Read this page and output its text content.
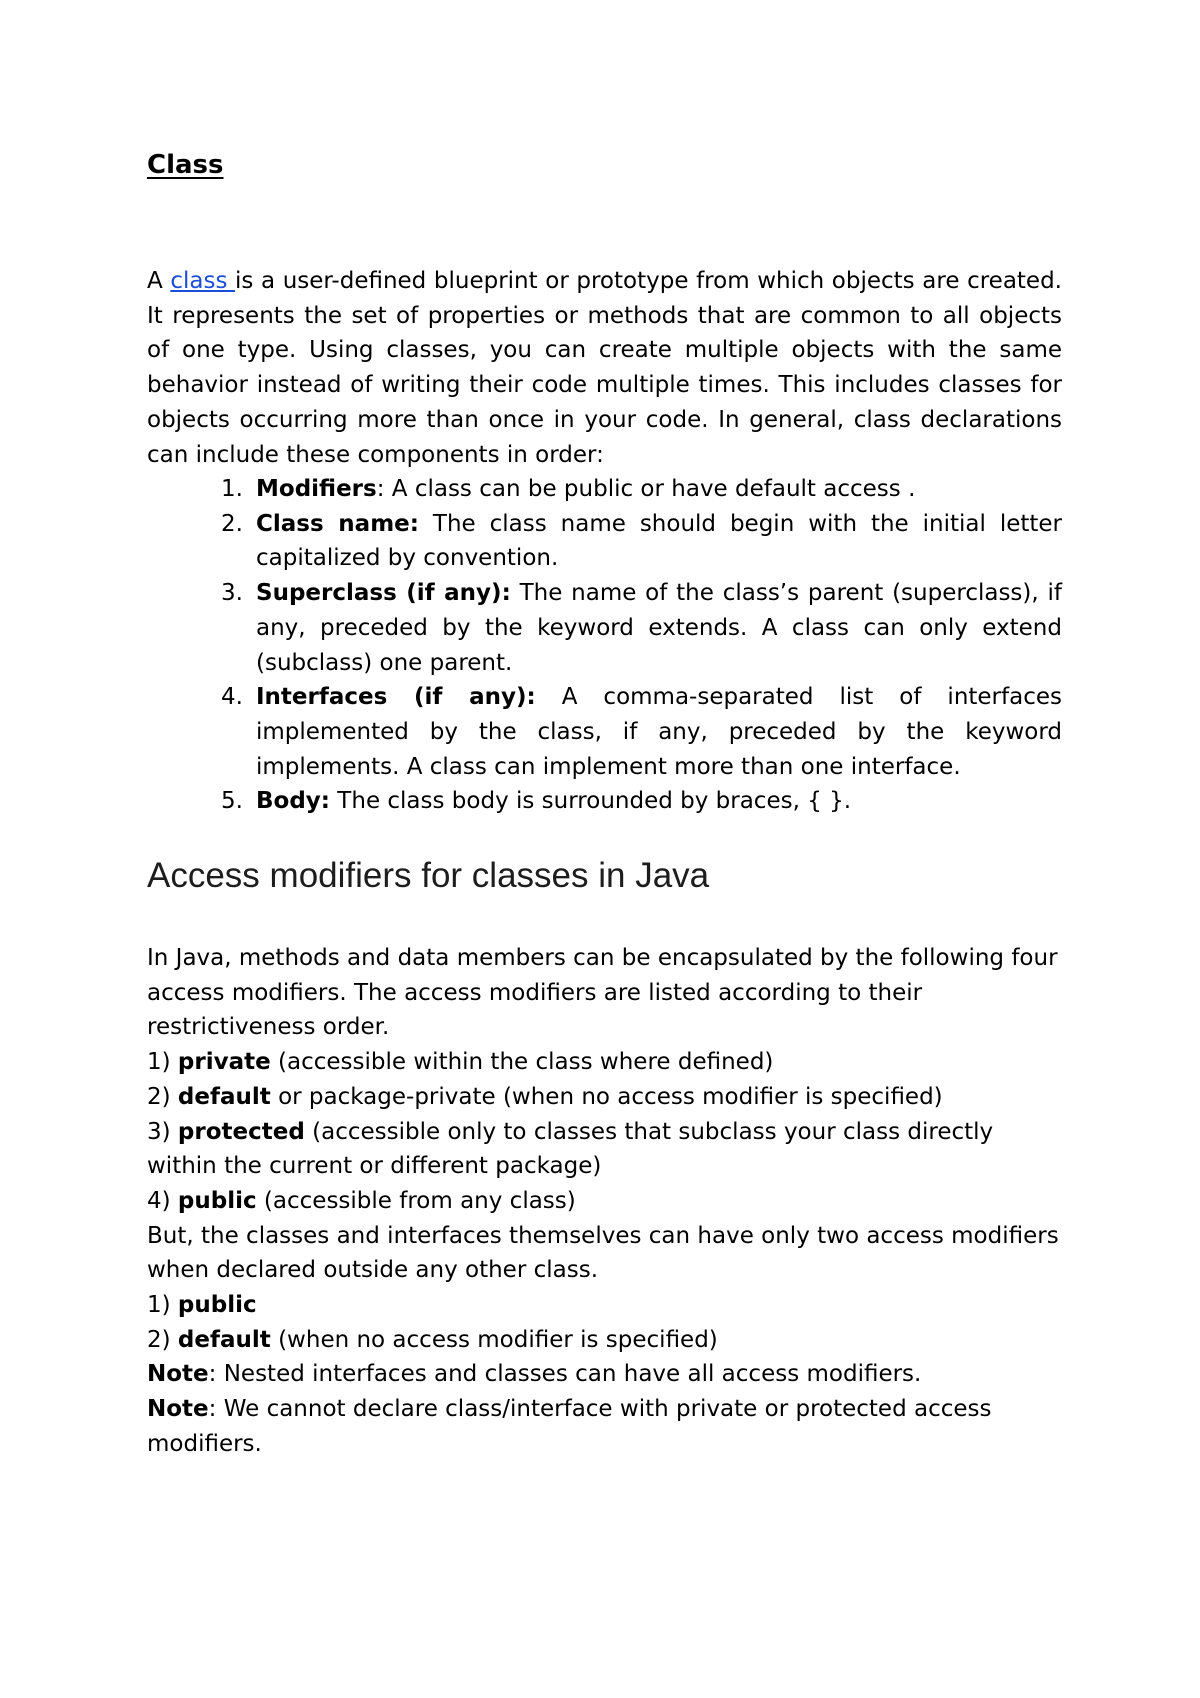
Class

A class is a user-defined blueprint or prototype from which objects are created. It represents the set of properties or methods that are common to all objects of one type. Using classes, you can create multiple objects with the same behavior instead of writing their code multiple times. This includes classes for objects occurring more than once in your code. In general, class declarations can include these components in order:

1. Modifiers: A class can be public or have default access .
2. Class name: The class name should begin with the initial letter capitalized by convention.
3. Superclass (if any): The name of the class’s parent (superclass), if any, preceded by the keyword extends. A class can only extend (subclass) one parent.
4. Interfaces (if any): A comma-separated list of interfaces implemented by the class, if any, preceded by the keyword implements. A class can implement more than one interface.
5. Body: The class body is surrounded by braces, { }.
Access modifiers for classes in Java

In Java, methods and data members can be encapsulated by the following four access modifiers. The access modifiers are listed according to their restrictiveness order.

1) private (accessible within the class where defined)

2) default or package-private (when no access modifier is specified)

3) protected (accessible only to classes that subclass your class directly within the current or different package)

4) public (accessible from any class)

But, the classes and interfaces themselves can have only two access modifiers when declared outside any other class.

1) public

2) default (when no access modifier is specified)

Note: Nested interfaces and classes can have all access modifiers.

Note: We cannot declare class/interface with private or protected access modifiers.
